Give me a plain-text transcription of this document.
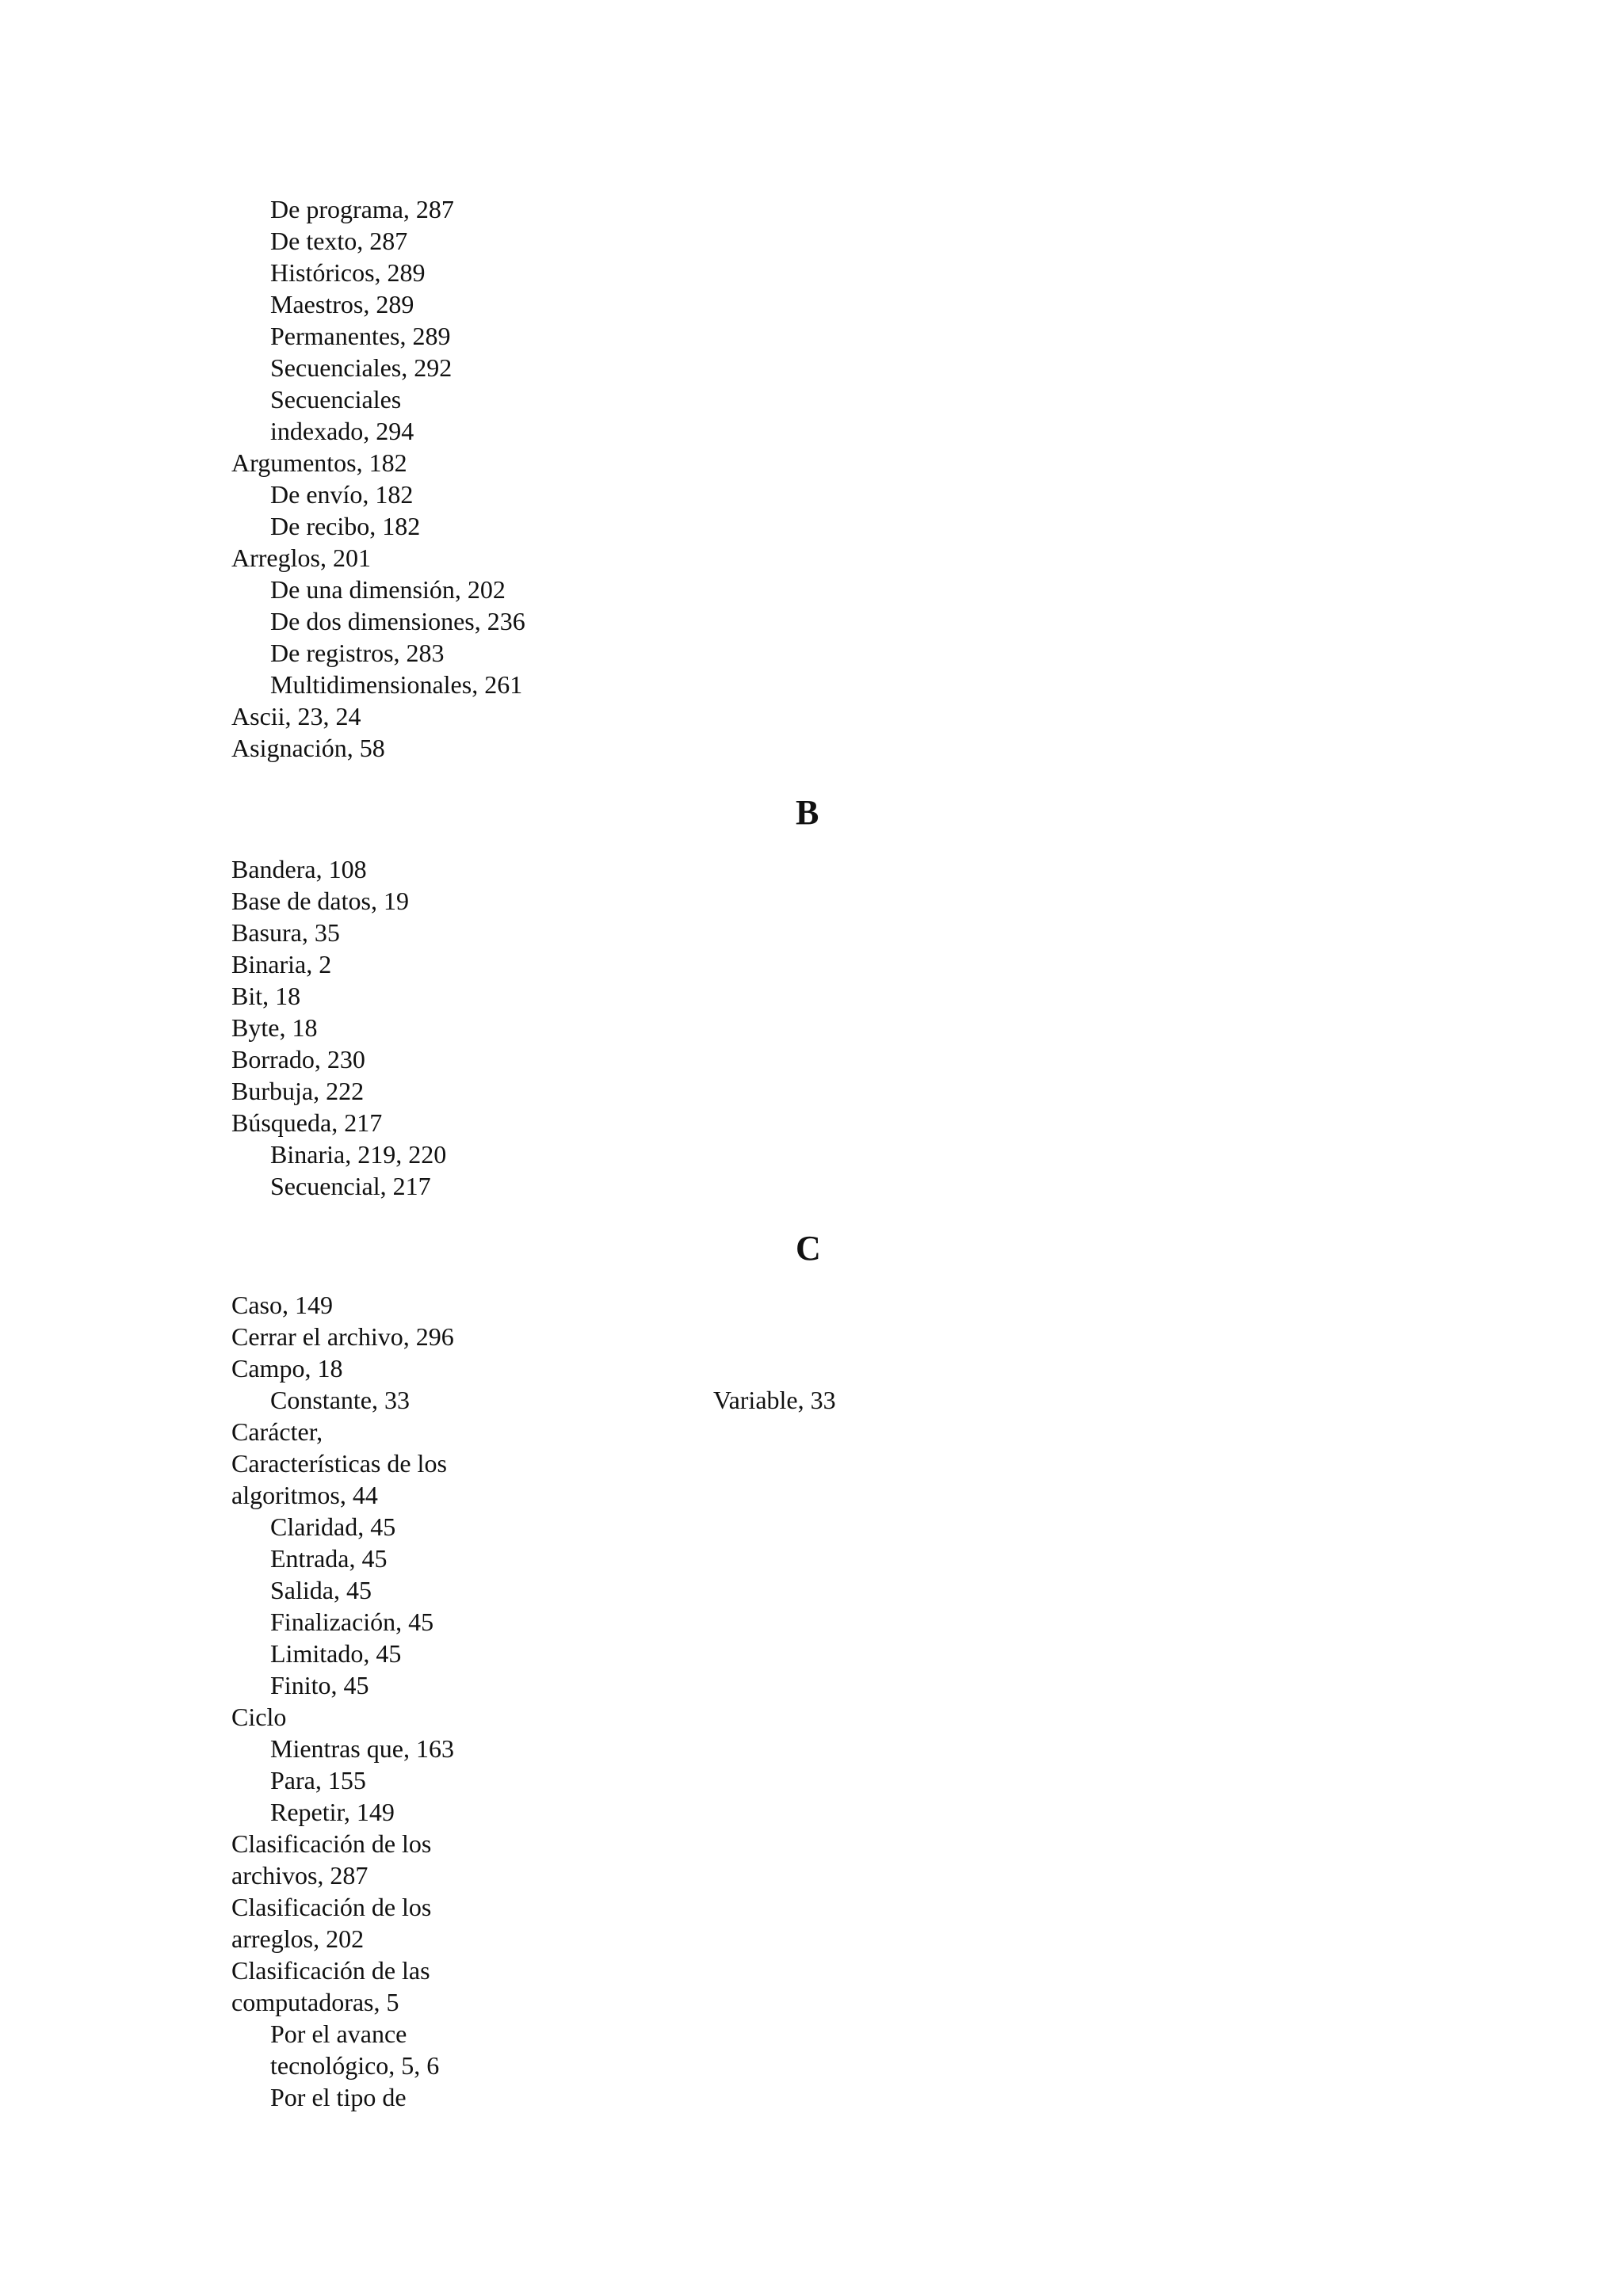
De programa, 287
De texto, 287
Históricos, 289
Maestros, 289
Permanentes, 289
Secuenciales, 292
Secuenciales
indexado, 294
Argumentos, 182
De envío, 182
De recibo, 182
Arreglos, 201
De una dimensión, 202
De dos dimensiones, 236
De registros, 283
Multidimensionales, 261
Ascii, 23, 24
Asignación, 58
B
Bandera, 108
Base de datos, 19
Basura, 35
Binaria, 2
Bit, 18
Byte, 18
Borrado, 230
Burbuja, 222
Búsqueda, 217
Binaria, 219, 220
Secuencial, 217
C
Caso, 149
Cerrar el archivo, 296
Campo, 18
Constante, 33	Variable, 33
Carácter,
Características de los
algoritmos, 44
Claridad, 45
Entrada, 45
Salida, 45
Finalización, 45
Limitado, 45
Finito, 45
Ciclo
Mientras que, 163
Para, 155
Repetir, 149
Clasificación de los
archivos, 287
Clasificación de los
arreglos, 202
Clasificación de las
computadoras, 5
Por el avance
tecnológico, 5, 6
Por el tipo de
